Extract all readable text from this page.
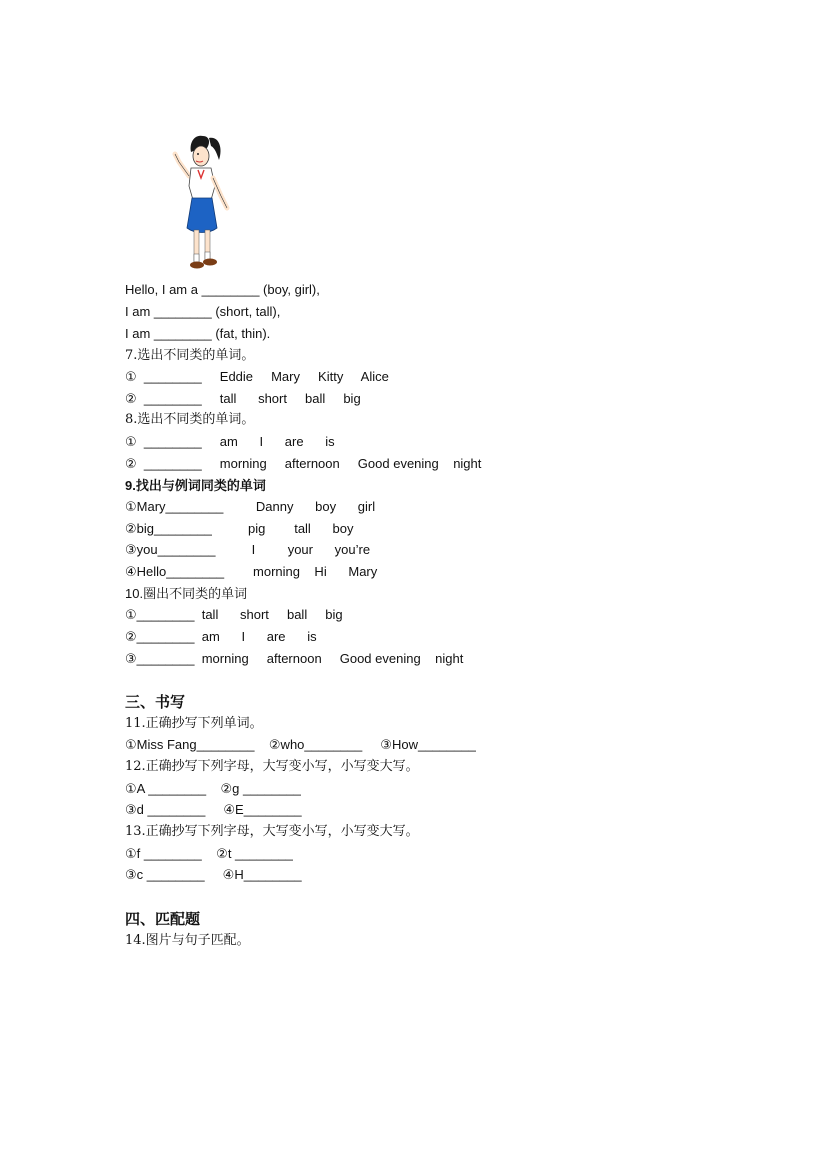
Hello, I am a ________ (boy, girl),
I am ________ (short, tall),
I am ________ (fat, thin).
7.选出不同类的单词。
①  ________     Eddie     Mary     Kitty     Alice
②  ________     tall      short     ball     big
8.选出不同类的单词。
①  ________     am      I      are      is
②  ________     morning     afternoon     Good evening    night
9.找出与例词同类的单词
①Mary________         Danny      boy      girl
②big________          pig        tall      boy
③you________          I         your      you’re
④Hello________        morning    Hi      Mary
10.圈出不同类的单词
①________  tall      short     ball     big
②________  am      I      are      is
③________  morning     afternoon     Good evening    night
三、书写
11.正确抄写下列单词。
①Miss Fang________    ②who________     ③How________
12.正确抄写下列字母，大写变小写，小写变大写。
①A ________    ②g ________
③d ________     ④E________
13.正确抄写下列字母，大写变小写，小写变大写。
①f ________    ②t ________
③c ________     ④H________
四、匹配题
14.图片与句子匹配。
